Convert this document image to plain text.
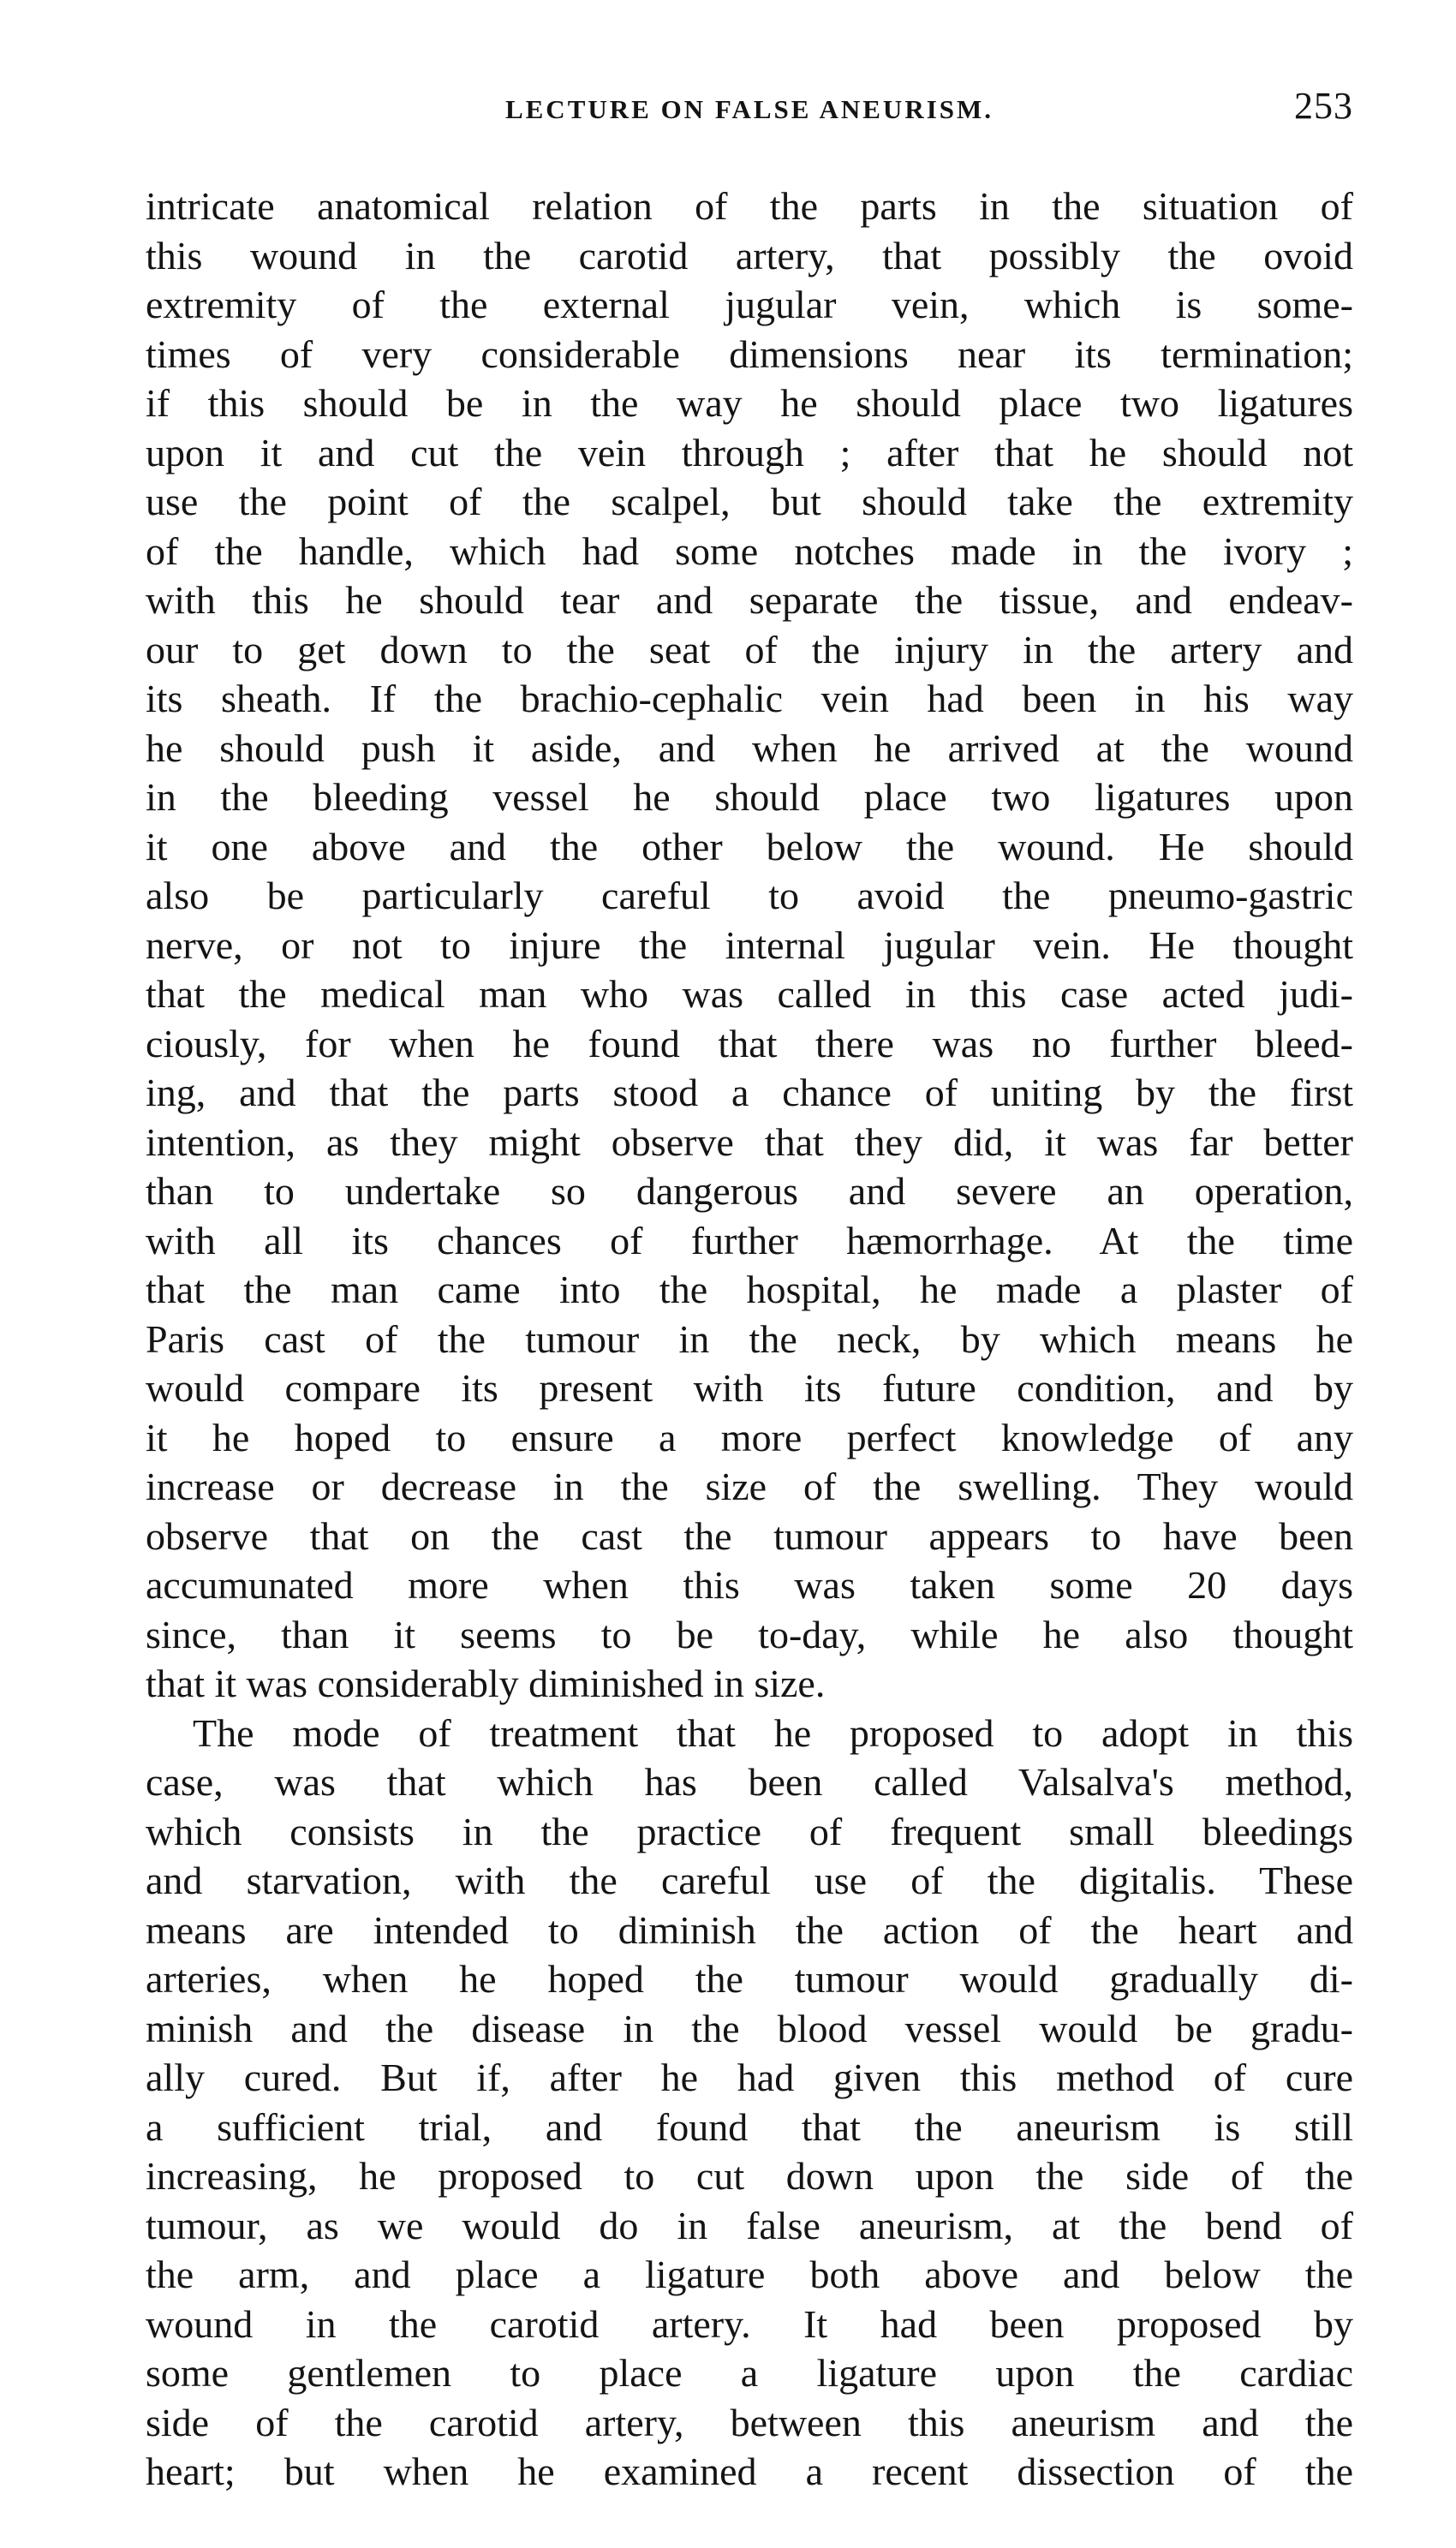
LECTURE ON FALSE ANEURISM.	253
intricate anatomical relation of the parts in the situation of
this wound in the carotid artery, that possibly the ovoid
extremity of the external jugular vein, which is some-
times of very considerable dimensions near its termination;
if this should be in the way he should place two ligatures
upon it and cut the vein through ; after that he should not
use the point of the scalpel, but should take the extremity
of the handle, which had some notches made in the ivory ;
with this he should tear and separate the tissue, and endeav-
our to get down to the seat of the injury in the artery and
its sheath. If the brachio-cephalic vein had been in his way
he should push it aside, and when he arrived at the wound
in the bleeding vessel he should place two ligatures upon
it one above and the other below the wound. He should
also be particularly careful to avoid the pneumo-gastric
nerve, or not to injure the internal jugular vein. He thought
that the medical man who was called in this case acted judi-
ciously, for when he found that there was no further bleed-
ing, and that the parts stood a chance of uniting by the first
intention, as they might observe that they did, it was far better
than to undertake so dangerous and severe an operation,
with all its chances of further hæmorrhage. At the time
that the man came into the hospital, he made a plaster of
Paris cast of the tumour in the neck, by which means he
would compare its present with its future condition, and by
it he hoped to ensure a more perfect knowledge of any
increase or decrease in the size of the swelling. They would
observe that on the cast the tumour appears to have been
accumunated more when this was taken some 20 days
since, than it seems to be to-day, while he also thought
that it was considerably diminished in size.
The mode of treatment that he proposed to adopt in this
case, was that which has been called Valsalva's method,
which consists in the practice of frequent small bleedings
and starvation, with the careful use of the digitalis. These
means are intended to diminish the action of the heart and
arteries, when he hoped the tumour would gradually di-
minish and the disease in the blood vessel would be gradu-
ally cured. But if, after he had given this method of cure
a sufficient trial, and found that the aneurism is still
increasing, he proposed to cut down upon the side of the
tumour, as we would do in false aneurism, at the bend of
the arm, and place a ligature both above and below the
wound in the carotid artery. It had been proposed by
some gentlemen to place a ligature upon the cardiac
side of the carotid artery, between this aneurism and the
heart; but when he examined a recent dissection of the
